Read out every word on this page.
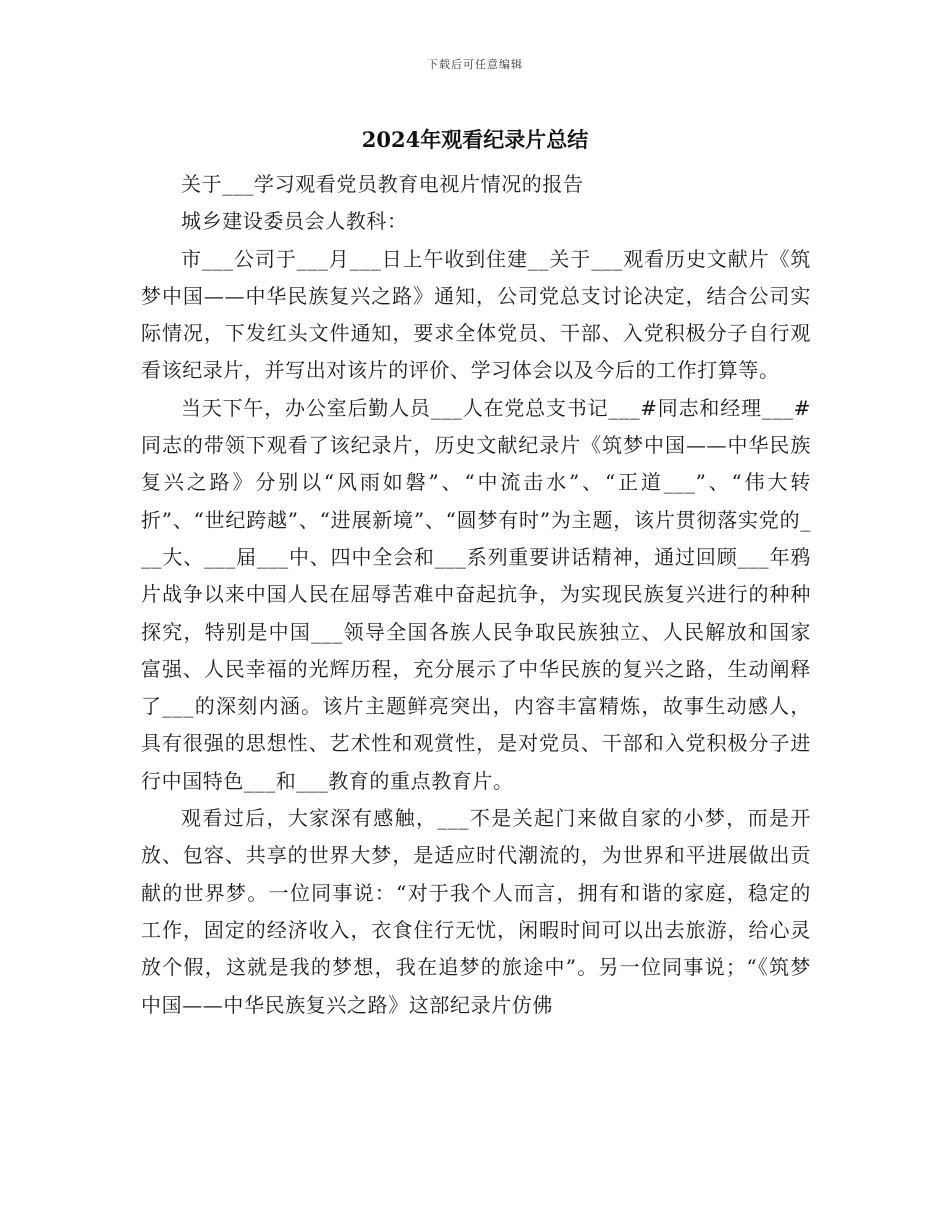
下载后可任意编辑
2024年观看纪录片总结

关于___学习观看党员教育电视片情况的报告

城乡建设委员会人教科：

市___公司于___月___日上午收到住建__关于___观看历史文献片《筑梦中国——中华民族复兴之路》通知，公司党总支讨论决定，结合公司实际情况，下发红头文件通知，要求全体党员、干部、入党积极分子自行观看该纪录片，并写出对该片的评价、学习体会以及今后的工作打算等。

当天下午，办公室后勤人员___人在党总支书记___#同志和经理___#同志的带领下观看了该纪录片，历史文献纪录片《筑梦中国——中华民族复兴之路》分别以“风雨如磐”、“中流击水”、“正道___”、“伟大转折”、“世纪跨越”、“进展新境”、“圆梦有时”为主题，该片贯彻落实党的___大、___届___中、四中全会和___系列重要讲话精神，通过回顾___年鸦片战争以来中国人民在屈辱苦难中奋起抗争，为实现民族复兴进行的种种探究，特别是中国___领导全国各族人民争取民族独立、人民解放和国家富强、人民幸福的光辉历程，充分展示了中华民族的复兴之路，生动阐释了___的深刻内涵。该片主题鲜亮突出，内容丰富精炼，故事生动感人，具有很强的思想性、艺术性和观赏性，是对党员、干部和入党积极分子进行中国特色___和___教育的重点教育片。

观看过后，大家深有感触，___不是关起门来做自家的小梦，而是开放、包容、共享的世界大梦，是适应时代潮流的，为世界和平进展做出贡献的世界梦。一位同事说：“对于我个人而言，拥有和谐的家庭，稳定的工作，固定的经济收入，衣食住行无忧，闲暇时间可以出去旅游，给心灵放个假，这就是我的梦想，我在追梦的旅途中”。另一位同事说；“《筑梦中国——中华民族复兴之路》这部纪录片仿佛
